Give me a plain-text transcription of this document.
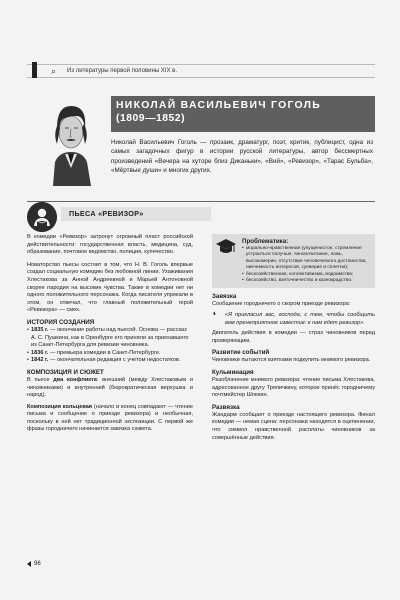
⌕	Из литературы первой половины XIX в.
НИКОЛАЙ ВАСИЛЬЕВИЧ ГОГОЛЬ
(1809—1852)

Николай Васильевич Гоголь — прозаик, драматург, поэт, критик, публицист, одна из самых загадочных фигур в истории русской литературы, автор бессмертных произведений «Вечера на хуторе близ Диканьки», «Вий», «Ревизор», «Тарас Бульба», «Мёртвые души» и многих других.

ПЬЕСА «РЕВИЗОР»

В комедии «Ревизор» затронут огромный пласт российской действительности: государственная власть, медицина, суд, образование, почтовое ведомство, полиция, купечество.

Новаторство пьесы состоит в том, что Н. В. Гоголь впервые создал социальную комедию без любовной линии. Ухаживания Хлестакова за Анной Андреевной и Марьей Антоновной скорее пародия на высокие чувства. Также в комедии нет ни одного положительного персонажа. Когда писателя упрекали в этом, он отвечал, что главный положительный герой «Ревизора» — смех.

ИСТОРИЯ СОЗДАНИЯ
• 1835 г. — окончание работы над пьесой. Основа — рассказ А. С. Пушкина, как в Оренбурге его приняли за приехавшего из Санкт-Петербурга для ревизии чиновника.
• 1836 г. — премьера комедии в Санкт-Петербурге.
• 1842 г. — окончательная редакция с учетом недостатков.
КОМПОЗИЦИЯ И СЮЖЕТ

В пьесе два конфликта: внешний (между Хлестаковым и чиновниками) и внутренний (бюрократическая верхушка и народ).

Композиция кольцевая (начало и конец совпадают — чтение письма и сообщение о приезде ревизора) и необычная, поскольку в ней нет традиционной экспозиции. С первой же фразы городничего начинается завязка сюжета.

Проблематика:
• морально-нравственная (упущенистое, стремление устроиться получше, чинопочитание, ложь, высокомерие, отсутствие человеческого достоинства, никчемность интересов, суеверие и сплетни);
• бесхозяйственная, коллективизма, мздоимства;
• бесхозяйство, взяточничество и казнокрадство.
Завязка

Сообщение городничего о скором приезде ревизора:

❛ «Я пригласил вас, господа, с тем, чтобы сообщить вам пренеприятное известие: к нам едет ревизор».

Двигатель действия в комедии — страх чиновников перед проверяющим.

Развитие событий

Чиновники пытаются взятками подкупить мнимого ревизора.

Кульминация

Разоблачение мнимого ревизора: чтение письма Хлестакова, адресованное другу Тряпичкину, которое принёс городничему почтмейстер Шпекин.

Развязка

Жандарм сообщает о приезде настоящего ревизора. Финал комедии — немая сцена: персонажи находятся в оцепенении, что символ нравственной расплаты чиновников за совершённые действия.

96
